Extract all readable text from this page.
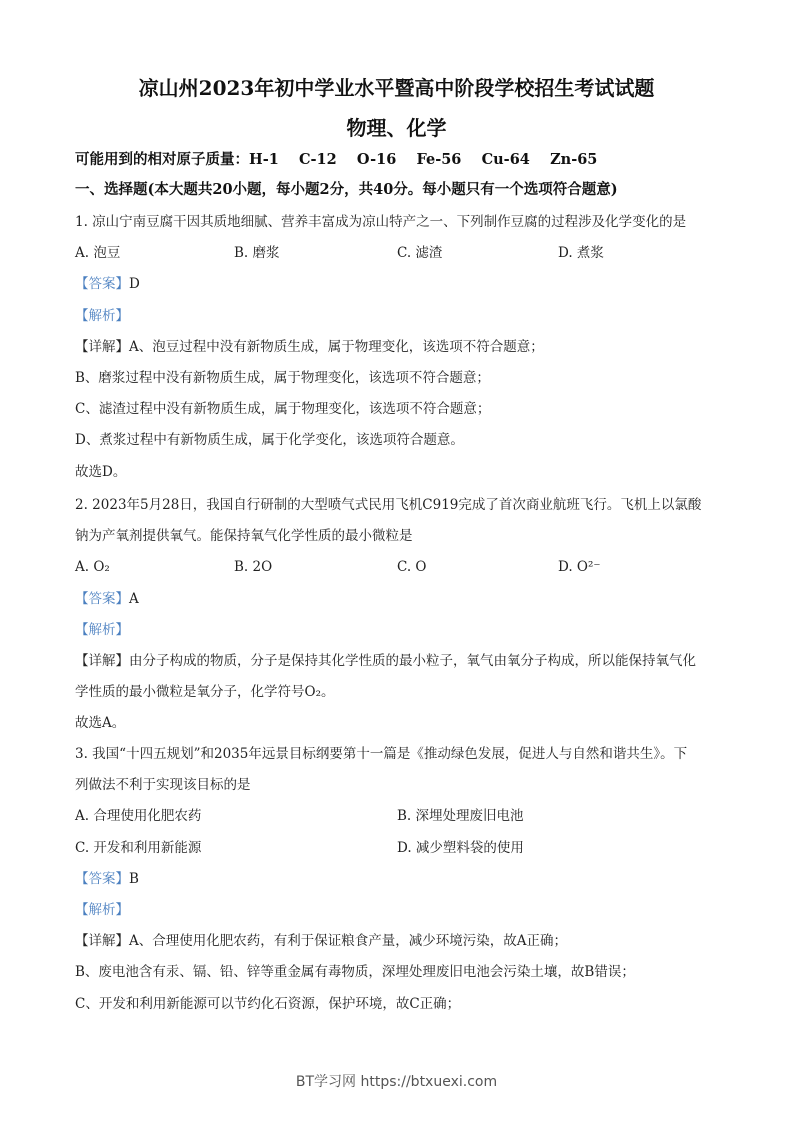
凉山州2023年初中学业水平暨高中阶段学校招生考试试题
物理、化学
可能用到的相对原子质量：H-1    C-12    O-16    Fe-56    Cu-64    Zn-65
一、选择题(本大题共20小题，每小题2分，共40分。每小题只有一个选项符合题意)
1. 凉山宁南豆腐干因其质地细腻、营养丰富成为凉山特产之一、下列制作豆腐的过程涉及化学变化的是
A. 泡豆	B. 磨浆	C. 滤渣	D. 煮浆
【答案】D
【解析】
【详解】A、泡豆过程中没有新物质生成，属于物理变化，该选项不符合题意；
B、磨浆过程中没有新物质生成，属于物理变化，该选项不符合题意；
C、滤渣过程中没有新物质生成，属于物理变化，该选项不符合题意；
D、煮浆过程中有新物质生成，属于化学变化，该选项符合题意。
故选D。
2. 2023年5月28日，我国自行研制的大型喷气式民用飞机C919完成了首次商业航班飞行。飞机上以氯酸
钠为产氧剂提供氧气。能保持氧气化学性质的最小微粒是
A. O₂	B. 2O	C. O	D. O²⁻
【答案】A
【解析】
【详解】由分子构成的物质，分子是保持其化学性质的最小粒子，氧气由氧分子构成，所以能保持氧气化
学性质的最小微粒是氧分子，化学符号O₂。
故选A。
3. 我国“十四五规划”和2035年远景目标纲要第十一篇是《推动绿色发展，促进人与自然和谐共生》。下
列做法不利于实现该目标的是
A. 合理使用化肥农药	B. 深埋处理废旧电池
C. 开发和利用新能源	D. 减少塑料袋的使用
【答案】B
【解析】
【详解】A、合理使用化肥农药，有利于保证粮食产量，减少环境污染，故A正确；
B、废电池含有汞、镉、铅、锌等重金属有毒物质，深埋处理废旧电池会污染土壤，故B错误；
C、开发和利用新能源可以节约化石资源，保护环境，故C正确；
BT学习网 https://btxuexi.com
